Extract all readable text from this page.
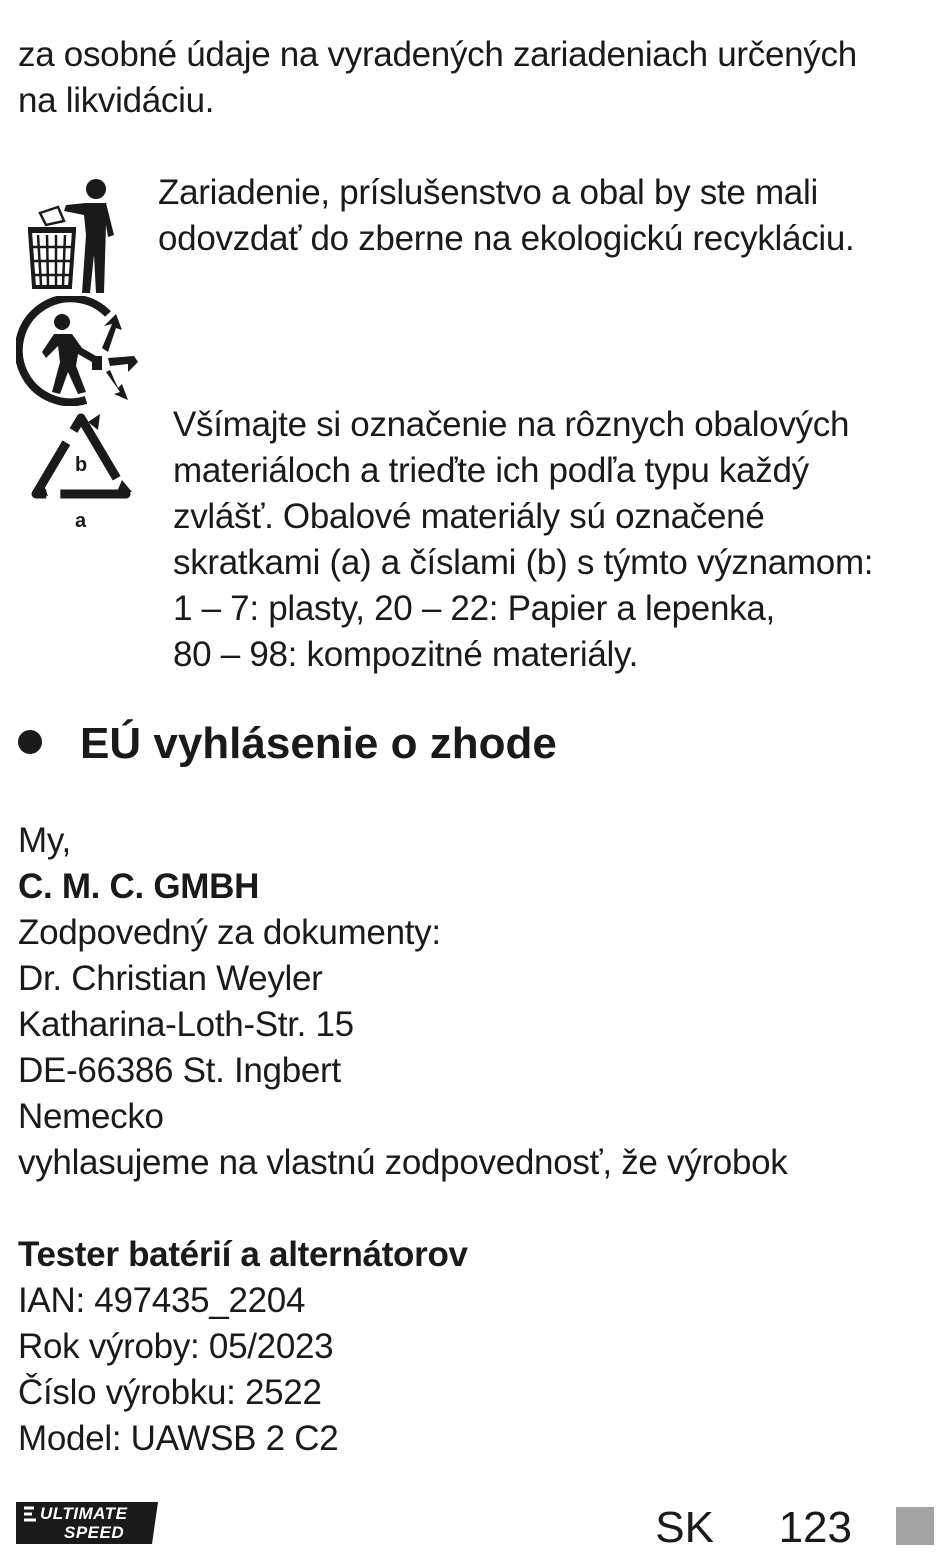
za osobné údaje na vyradených zariadeniach určených
na likvidáciu.
Zariadenie, príslušenstvo a obal by ste mali
odovzdať do zberne na ekologickú recykláciu.
b
a
Všímajte si označenie na rôznych obalových
materiáloch a trieďte ich podľa typu každý
zvlášť. Obalové materiály sú označené
skratkami (a) a číslami (b) s týmto významom:
1 – 7: plasty, 20 – 22: Papier a lepenka,
80 – 98: kompozitné materiály.
EÚ vyhlásenie o zhode
My,
C. M. C. GMBH
Zodpovedný za dokumenty:
Dr. Christian Weyler
Katharina-Loth-Str. 15
DE-66386 St. Ingbert
Nemecko
vyhlasujeme na vlastnú zodpovednosť, že výrobok
Tester batérií a alternátorov
IAN: 497435_2204
Rok výroby: 05/2023
Číslo výrobku: 2522
Model: UAWSB 2 C2
ULTIMATE
SPEED	SK 123
